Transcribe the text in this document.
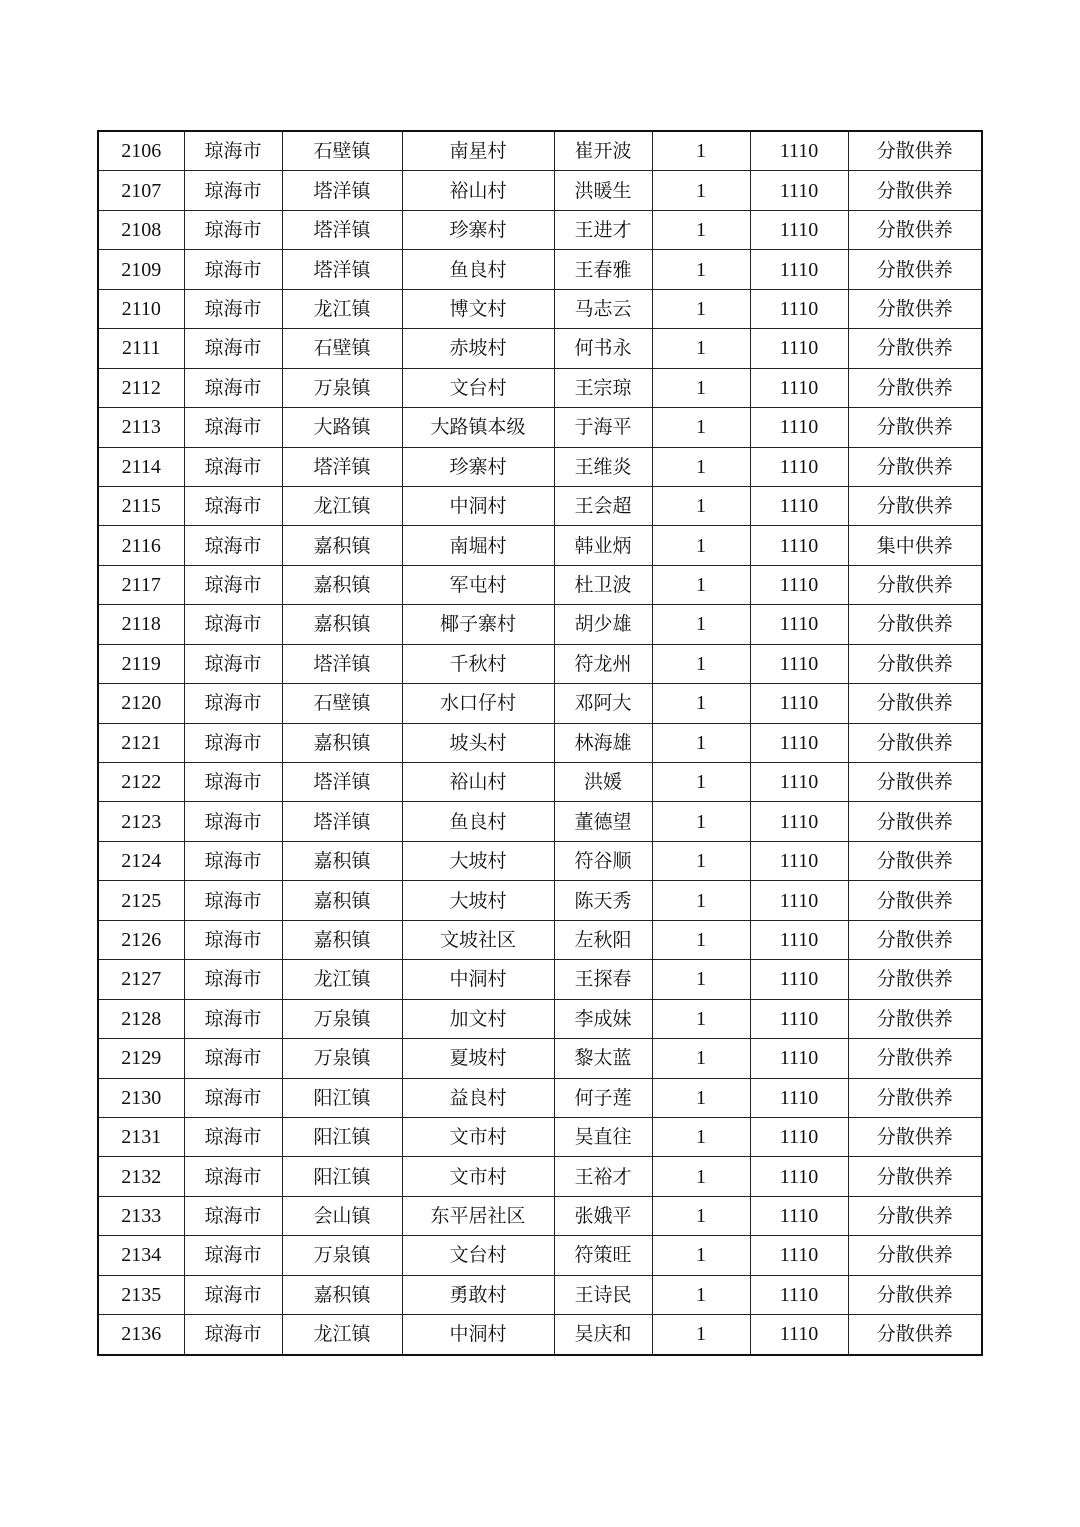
2106	琼海市	石壁镇	南星村	崔开波	1	1110	分散供养
2107	琼海市	塔洋镇	裕山村	洪暖生	1	1110	分散供养
2108	琼海市	塔洋镇	珍寨村	王进才	1	1110	分散供养
2109	琼海市	塔洋镇	鱼良村	王春雅	1	1110	分散供养
2110	琼海市	龙江镇	博文村	马志云	1	1110	分散供养
2111	琼海市	石壁镇	赤坡村	何书永	1	1110	分散供养
2112	琼海市	万泉镇	文台村	王宗琼	1	1110	分散供养
2113	琼海市	大路镇	大路镇本级	于海平	1	1110	分散供养
2114	琼海市	塔洋镇	珍寨村	王维炎	1	1110	分散供养
2115	琼海市	龙江镇	中洞村	王会超	1	1110	分散供养
2116	琼海市	嘉积镇	南堀村	韩业炳	1	1110	集中供养
2117	琼海市	嘉积镇	军屯村	杜卫波	1	1110	分散供养
2118	琼海市	嘉积镇	椰子寨村	胡少雄	1	1110	分散供养
2119	琼海市	塔洋镇	千秋村	符龙州	1	1110	分散供养
2120	琼海市	石壁镇	水口仔村	邓阿大	1	1110	分散供养
2121	琼海市	嘉积镇	坡头村	林海雄	1	1110	分散供养
2122	琼海市	塔洋镇	裕山村	洪媛	1	1110	分散供养
2123	琼海市	塔洋镇	鱼良村	董德望	1	1110	分散供养
2124	琼海市	嘉积镇	大坡村	符谷顺	1	1110	分散供养
2125	琼海市	嘉积镇	大坡村	陈天秀	1	1110	分散供养
2126	琼海市	嘉积镇	文坡社区	左秋阳	1	1110	分散供养
2127	琼海市	龙江镇	中洞村	王探春	1	1110	分散供养
2128	琼海市	万泉镇	加文村	李成妹	1	1110	分散供养
2129	琼海市	万泉镇	夏坡村	黎太蓝	1	1110	分散供养
2130	琼海市	阳江镇	益良村	何子莲	1	1110	分散供养
2131	琼海市	阳江镇	文市村	吴直往	1	1110	分散供养
2132	琼海市	阳江镇	文市村	王裕才	1	1110	分散供养
2133	琼海市	会山镇	东平居社区	张娥平	1	1110	分散供养
2134	琼海市	万泉镇	文台村	符策旺	1	1110	分散供养
2135	琼海市	嘉积镇	勇敢村	王诗民	1	1110	分散供养
2136	琼海市	龙江镇	中洞村	吴庆和	1	1110	分散供养
